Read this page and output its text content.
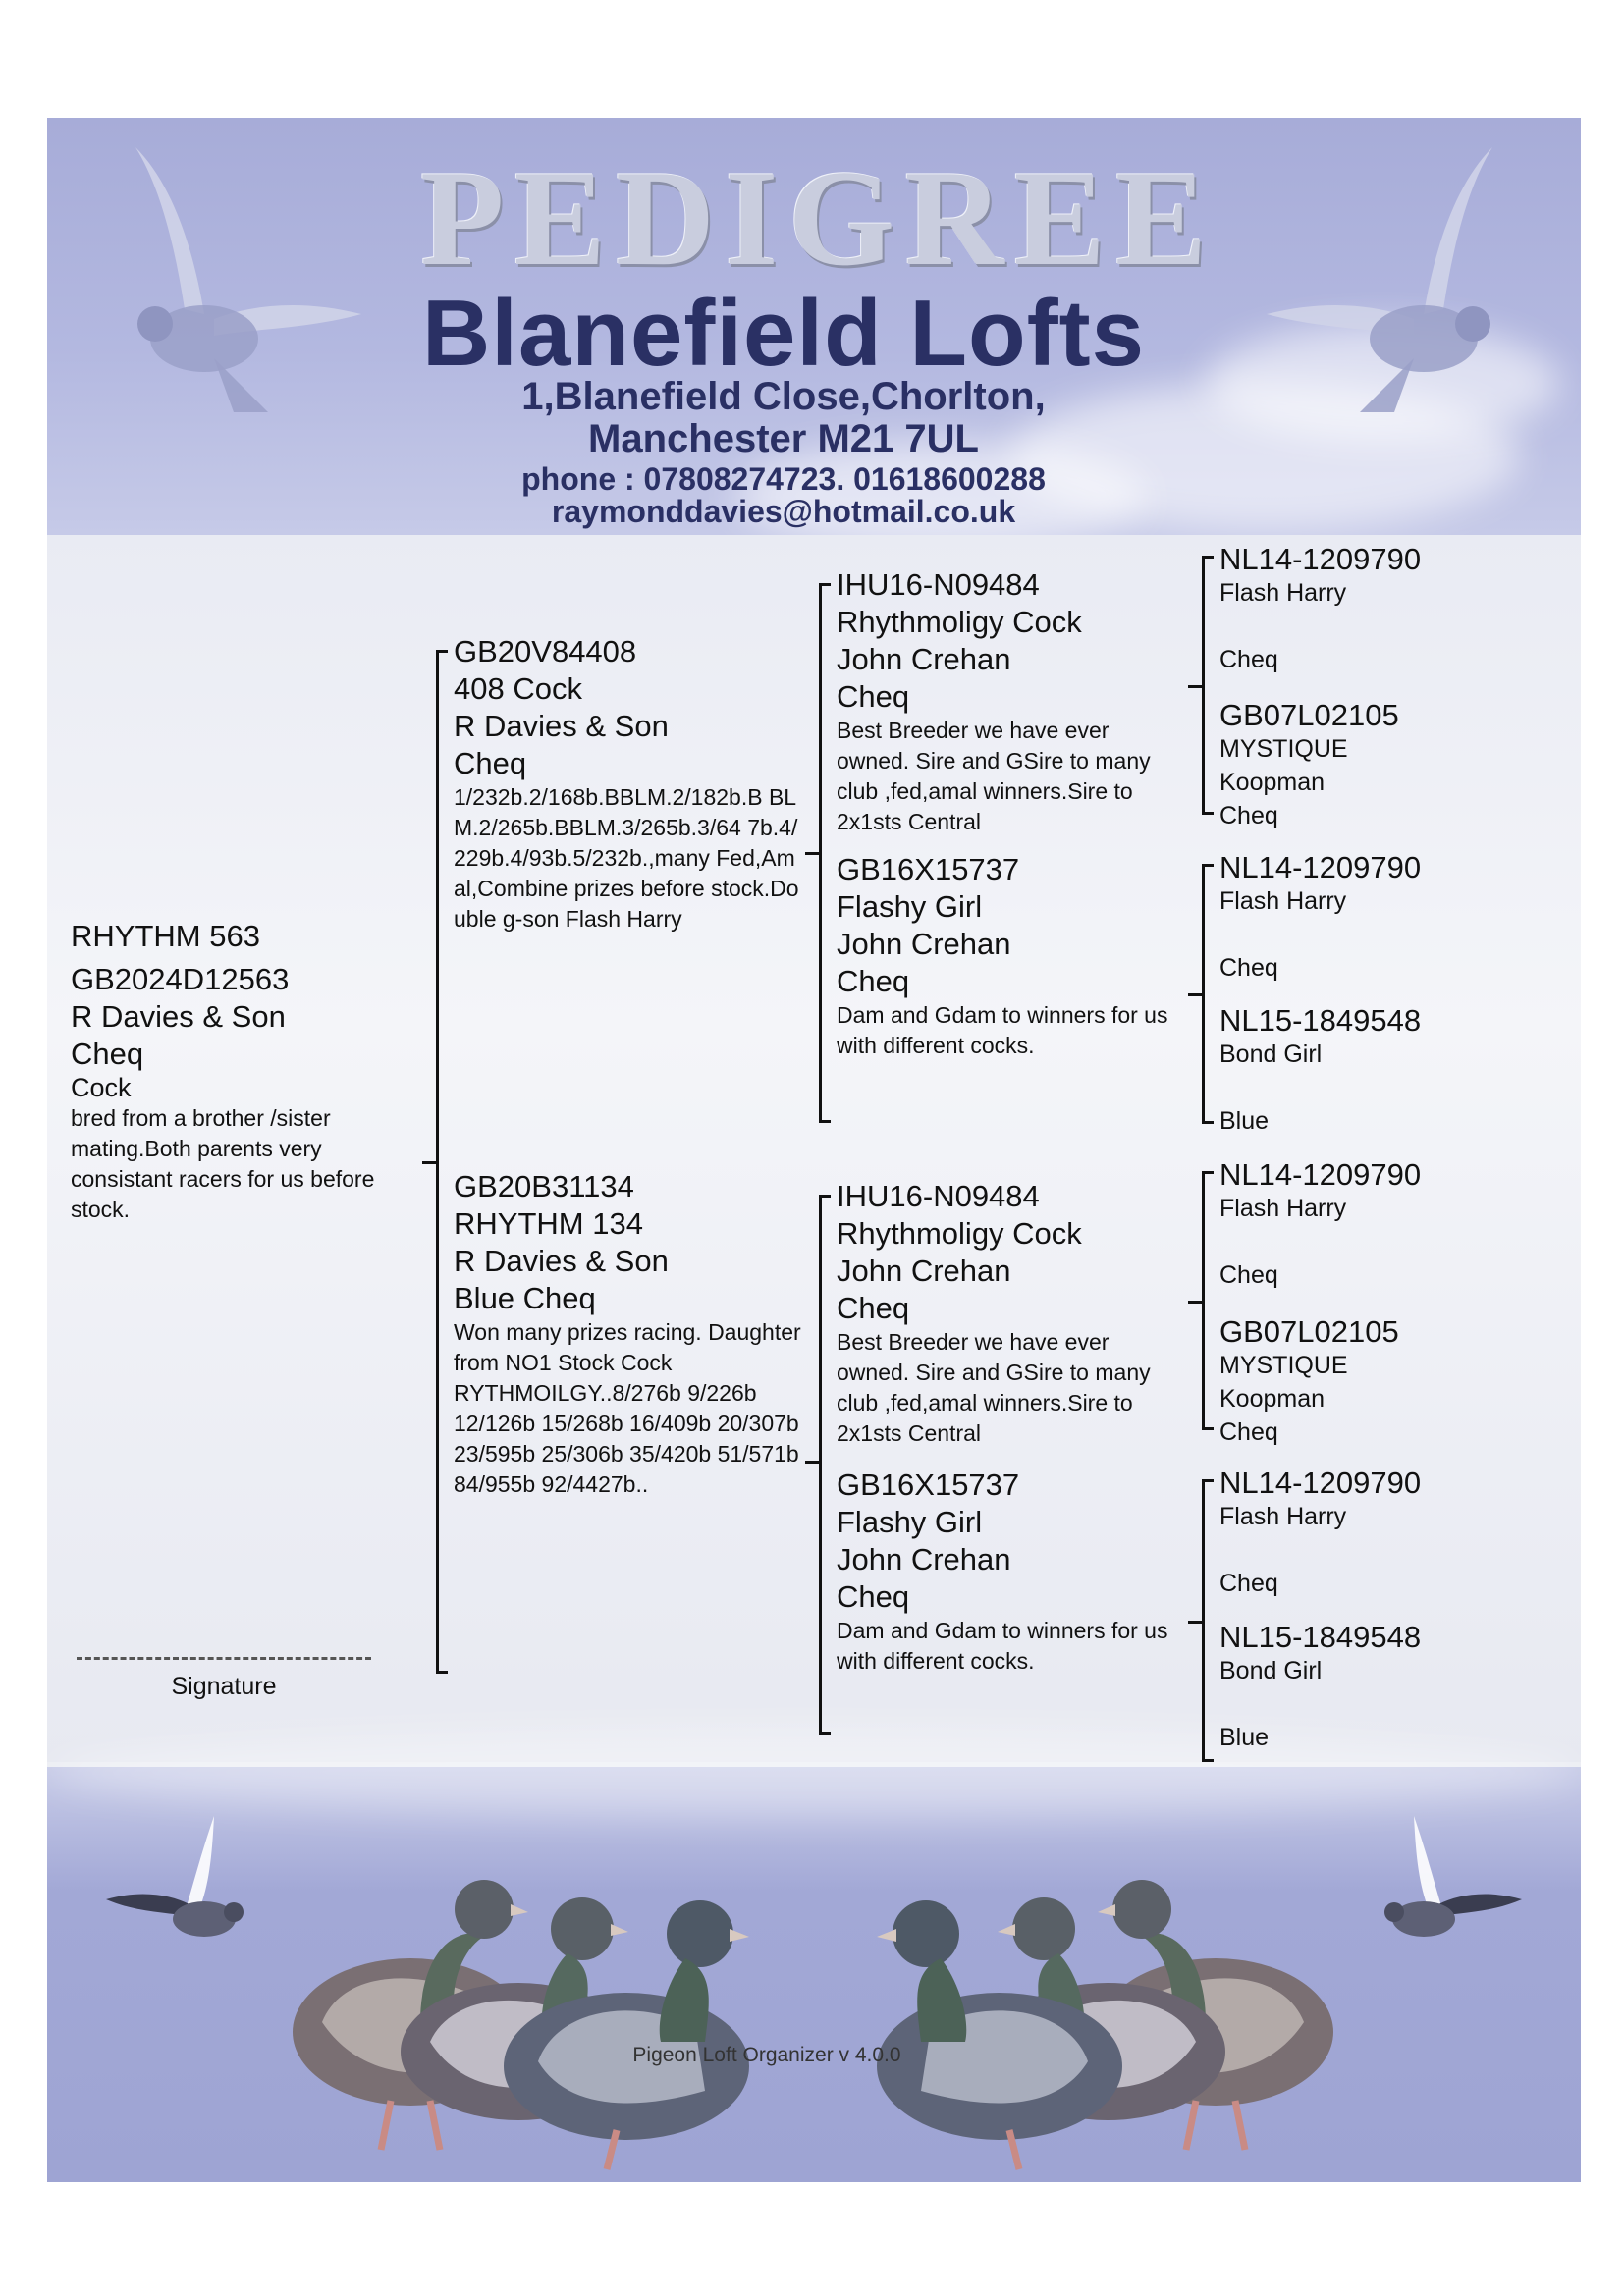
PEDIGREE
Blanefield Lofts
1,Blanefield Close,Chorlton,
Manchester M21 7UL
phone : 07808274723. 01618600288
raymonddavies@hotmail.co.uk
Pigeon Loft Organizer v 4.0.0
RHYTHM 563
GB2024D12563
R Davies & Son
Cheq
Cock
bred from a brother /sister mating.Both parents very consistant racers for us before stock.
Signature
GB20V84408
408 Cock
R Davies & Son
Cheq
1/232b.2/168b.BBLM.2/182b.B BLM.2/265b.BBLM.3/265b.3/64 7b.4/229b.4/93b.5/232b.,many Fed,Amal,Combine prizes before stock.Double g-son Flash Harry
GB20B31134
RHYTHM 134
R Davies & Son
Blue Cheq
Won many prizes racing. Daughter from NO1 Stock Cock RYTHMOILGY..8/276b 9/226b 12/126b 15/268b 16/409b 20/307b 23/595b 25/306b 35/420b 51/571b 84/955b 92/4427b..
IHU16-N09484
Rhythmoligy Cock
John Crehan
Cheq
Best Breeder we have ever owned. Sire and GSire to many club ,fed,amal winners.Sire to 2x1sts Central
GB16X15737
Flashy Girl
John Crehan
Cheq
Dam and Gdam to winners for us with different cocks.
IHU16-N09484
Rhythmoligy Cock
John Crehan
Cheq
Best Breeder we have ever owned. Sire and GSire to many club ,fed,amal winners.Sire to 2x1sts Central
GB16X15737
Flashy Girl
John Crehan
Cheq
Dam and Gdam to winners for us with different cocks.
NL14-1209790
Flash Harry
Cheq
GB07L02105
MYSTIQUE
Koopman
Cheq
NL14-1209790
Flash Harry
Cheq
NL15-1849548
Bond Girl
Blue
NL14-1209790
Flash Harry
Cheq
GB07L02105
MYSTIQUE
Koopman
Cheq
NL14-1209790
Flash Harry
Cheq
NL15-1849548
Bond Girl
Blue
